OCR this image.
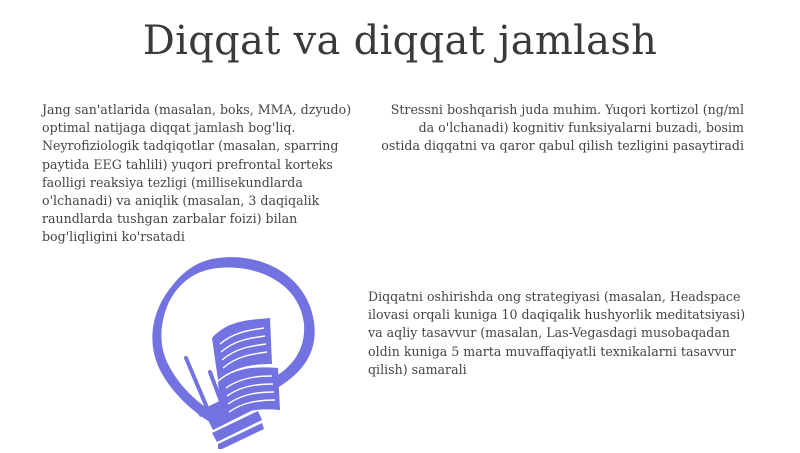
Diqqat va diqqat jamlash

Jang san'atlarida (masalan, boks, MMA, dzyudo) optimal natijaga diqqat jamlash bog'liq. Neyrofiziologik tadqiqotlar (masalan, sparring paytida EEG tahlili) yuqori prefrontal korteks faolligi reaksiya tezligi (millisekundlarda o'lchanadi) va aniqlik (masalan, 3 daqiqalik raundlarda tushgan zarbalar foizi) bilan bog'liqligini ko'rsatadi

Stressni boshqarish juda muhim. Yuqori kortizol (ng/ml da o'lchanadi) kognitiv funksiyalarni buzadi, bosim ostida diqqatni va qaror qabul qilish tezligini pasaytiradi

Diqqatni oshirishda ong strategiyasi (masalan, Headspace ilovasi orqali kuniga 10 daqiqalik hushyorlik meditatsiyasi) va aqliy tasavvur (masalan, Las-Vegasdagi musobaqadan oldin kuniga 5 marta muvaffaqiyatli texnikalarni tasavvur qilish) samarali
